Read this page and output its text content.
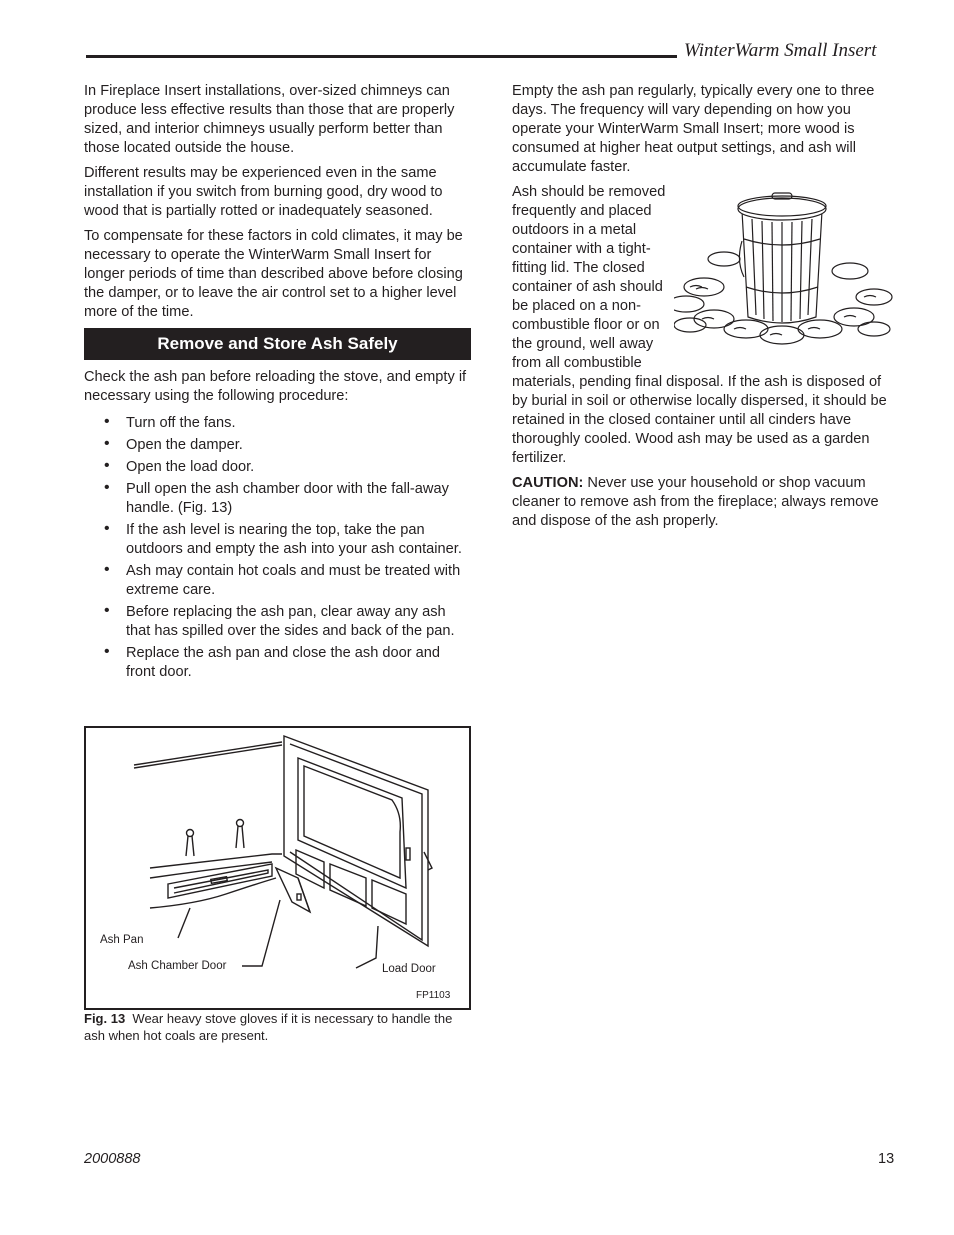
WinterWarm Small Insert

In Fireplace Insert installations, over-sized chimneys can produce less effective results than those that are properly sized, and interior chimneys usually perform better than those located outside the house.

Different results may be experienced even in the same installation if you switch from burning good, dry wood to wood that is partially rotted or inadequately seasoned.

To compensate for these factors in cold climates, it may be necessary to operate the WinterWarm Small Insert for longer periods of time than described above before closing the damper, or to leave the air control set to a higher level more of the time.

Remove and Store Ash Safely

Check the ash pan before reloading the stove, and empty if necessary using the following procedure:

• Turn off the fans.
• Open the damper.
• Open the load door.
• Pull open the ash chamber door with the fall-away handle. (Fig. 13)
• If the ash level is nearing the top, take the pan outdoors and empty the ash into your ash container.
• Ash may contain hot coals and must be treated with extreme care.
• Before replacing the ash pan, clear away any ash that has spilled over the sides and back of the pan.
• Replace the ash pan and close the ash door and front door.
Ash Pan
Ash Chamber Door	Load Door
FP1103
Fig. 13 Wear heavy stove gloves if it is necessary to handle the ash when hot coals are present.

Empty the ash pan regularly, typically every one to three days. The frequency will vary depending on how you operate your WinterWarm Small Insert; more wood is consumed at higher heat output settings, and ash will accumulate faster.

Ash should be removed frequently and placed outdoors in a metal container with a tight-fitting lid. The closed container of ash should be placed on a non-combustible floor or on the ground, well away from all combustible materials, pending final disposal. If the ash is disposed of by burial in soil or otherwise locally dispersed, it should be retained in the closed container until all cinders have thoroughly cooled. Wood ash may be used as a garden fertilizer.

CAUTION: Never use your household or shop vacuum cleaner to remove ash from the fireplace; always remove and dispose of the ash properly.

2000888	13
